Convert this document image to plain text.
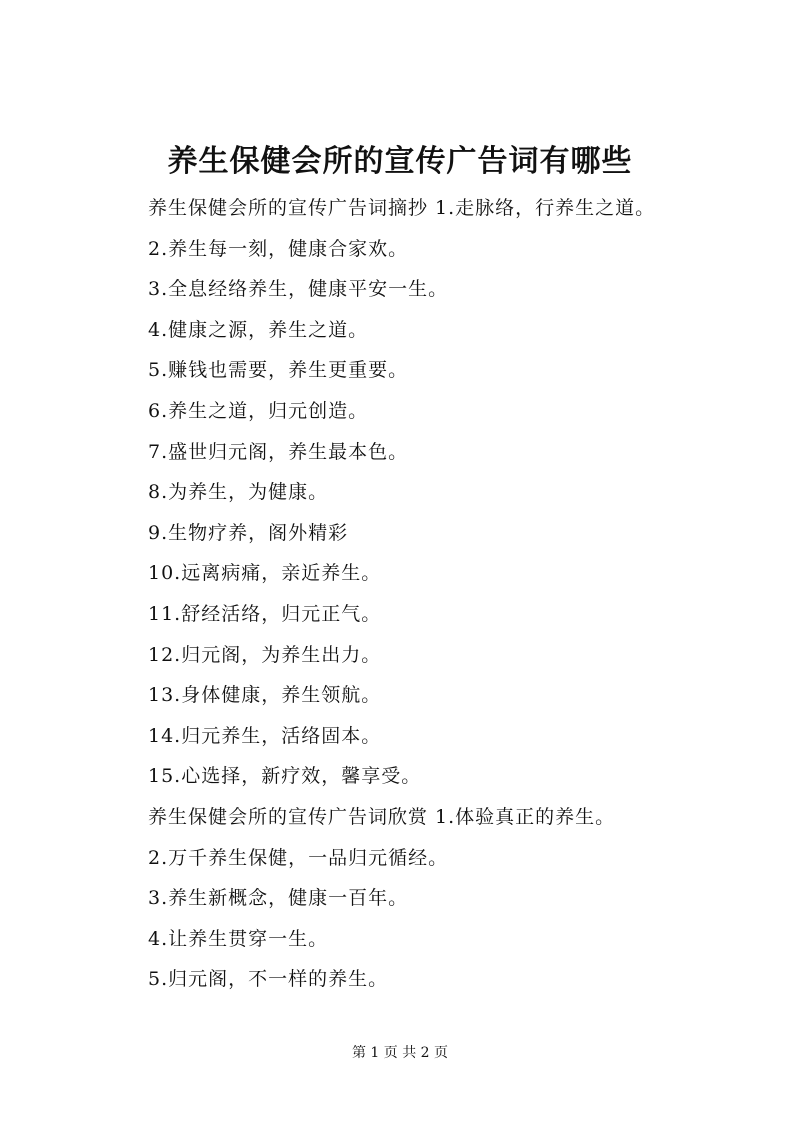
养生保健会所的宣传广告词有哪些
养生保健会所的宣传广告词摘抄 1.走脉络，行养生之道。
2.养生每一刻，健康合家欢。
3.全息经络养生，健康平安一生。
4.健康之源，养生之道。
5.赚钱也需要，养生更重要。
6.养生之道，归元创造。
7.盛世归元阁，养生最本色。
8.为养生，为健康。
9.生物疗养，阁外精彩
10.远离病痛，亲近养生。
11.舒经活络，归元正气。
12.归元阁，为养生出力。
13.身体健康，养生领航。
14.归元养生，活络固本。
15.心选择，新疗效，馨享受。
养生保健会所的宣传广告词欣赏 1.体验真正的养生。
2.万千养生保健，一品归元循经。
3.养生新概念，健康一百年。
4.让养生贯穿一生。
5.归元阁，不一样的养生。
第 1 页 共 2 页
